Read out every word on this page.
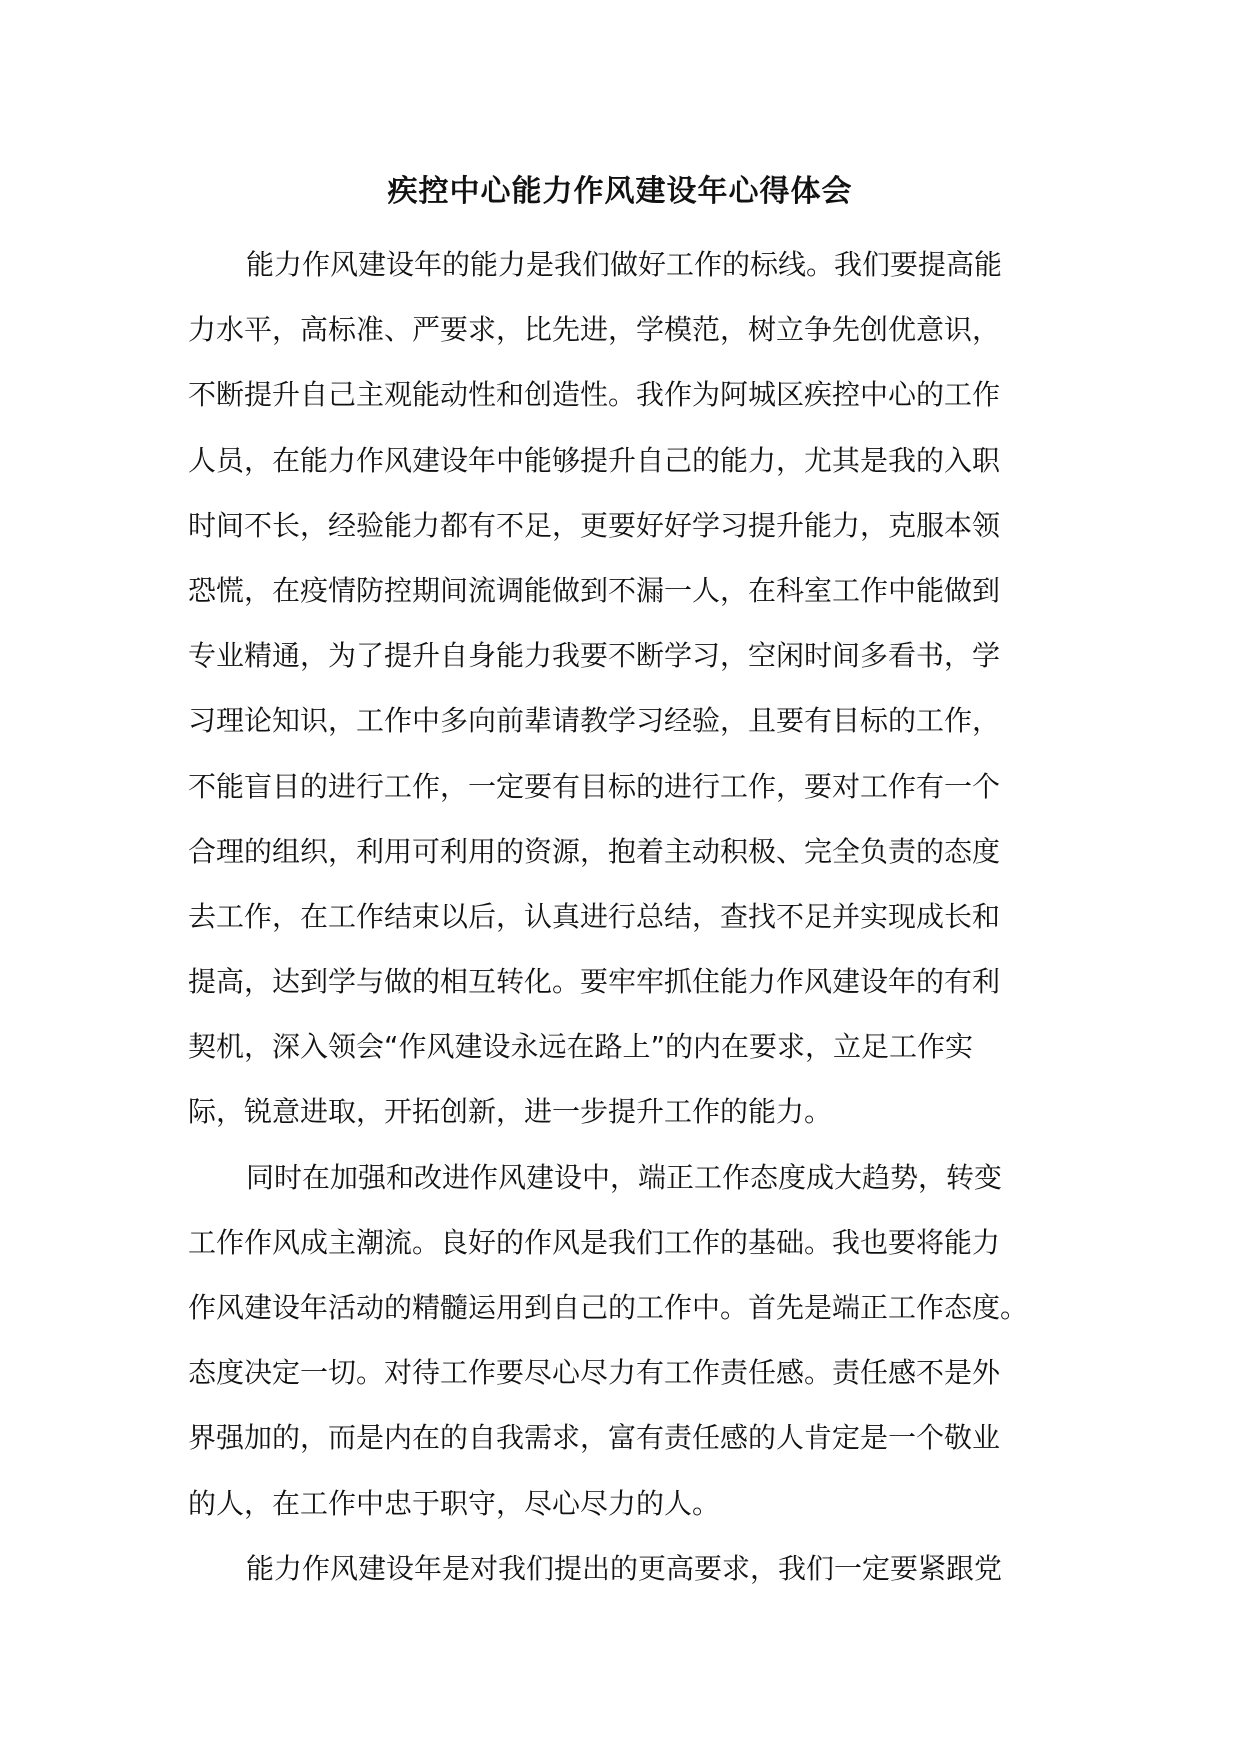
疾控中心能力作风建设年心得体会
能力作风建设年的能力是我们做好工作的标线。我们要提高能
力水平，高标准、严要求，比先进，学模范，树立争先创优意识，
不断提升自己主观能动性和创造性。我作为阿城区疾控中心的工作
人员，在能力作风建设年中能够提升自己的能力，尤其是我的入职
时间不长，经验能力都有不足，更要好好学习提升能力，克服本领
恐慌，在疫情防控期间流调能做到不漏一人，在科室工作中能做到
专业精通，为了提升自身能力我要不断学习，空闲时间多看书，学
习理论知识，工作中多向前辈请教学习经验，且要有目标的工作，
不能盲目的进行工作，一定要有目标的进行工作，要对工作有一个
合理的组织，利用可利用的资源，抱着主动积极、完全负责的态度
去工作，在工作结束以后，认真进行总结，查找不足并实现成长和
提高，达到学与做的相互转化。要牢牢抓住能力作风建设年的有利
契机，深入领会“作风建设永远在路上”的内在要求，立足工作实
际，锐意进取，开拓创新，进一步提升工作的能力。
同时在加强和改进作风建设中，端正工作态度成大趋势，转变
工作作风成主潮流。良好的作风是我们工作的基础。我也要将能力
作风建设年活动的精髓运用到自己的工作中。首先是端正工作态度。
态度决定一切。对待工作要尽心尽力有工作责任感。责任感不是外
界强加的，而是内在的自我需求，富有责任感的人肯定是一个敬业
的人，在工作中忠于职守，尽心尽力的人。
能力作风建设年是对我们提出的更高要求，我们一定要紧跟党
